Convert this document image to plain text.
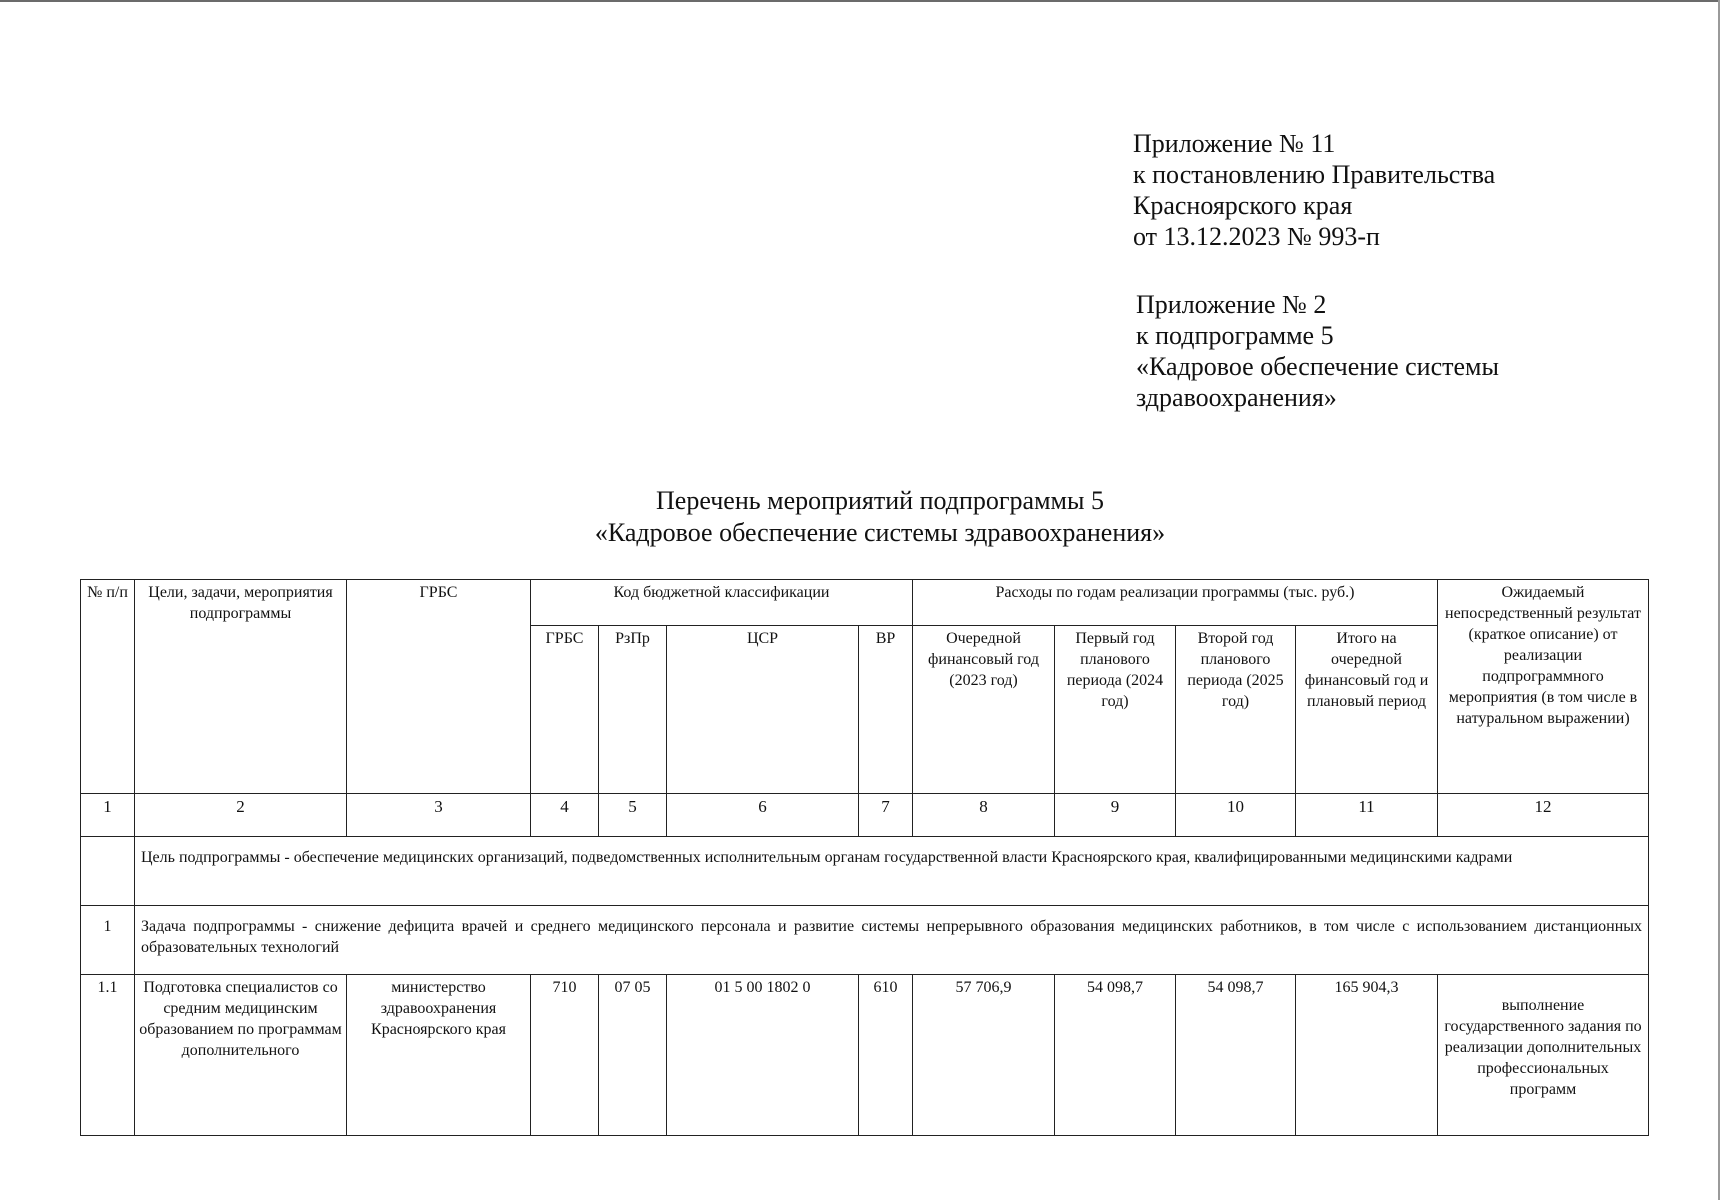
Приложение № 11
к постановлению Правительства
Красноярского края
от 13.12.2023 № 993-п
Приложение № 2
к подпрограмме 5
«Кадровое обеспечение системы
здравоохранения»
Перечень мероприятий подпрограммы 5
«Кадровое обеспечение системы здравоохранения»
№ п/п	Цели, задачи, мероприятия подпрограммы	ГРБС	Код бюджетной классификации				Расходы по годам реализации программы (тыс. руб.)				Ожидаемый непосредственный результат (краткое описание) от реализации подпрограммного мероприятия (в том числе в натуральном выражении)
			ГРБС	РзПр	ЦСР	ВР	Очередной финансовый год (2023 год)	Первый год планового периода (2024 год)	Второй год планового периода (2025 год)	Итого на очередной финансовый год и плановый период	
1	2	3	4	5	6	7	8	9	10	11	12
	Цель подпрограммы - обеспечение медицинских организаций, подведомственных исполнительным органам государственной власти Красноярского края, квалифицированными медицинскими кадрами										
1	Задача подпрограммы - снижение дефицита врачей и среднего медицинского персонала и развитие системы непрерывного образования медицинских работников, в том числе с использованием дистанционных образовательных технологий										
1.1	Подготовка специалистов со средним медицинским образованием по программам дополнительного	министерство здравоохранения Красноярского края	710	07 05	01 5 00 1802 0	610	57 706,9	54 098,7	54 098,7	165 904,3	выполнение государственного задания по реализации дополнительных профессиональных программ
